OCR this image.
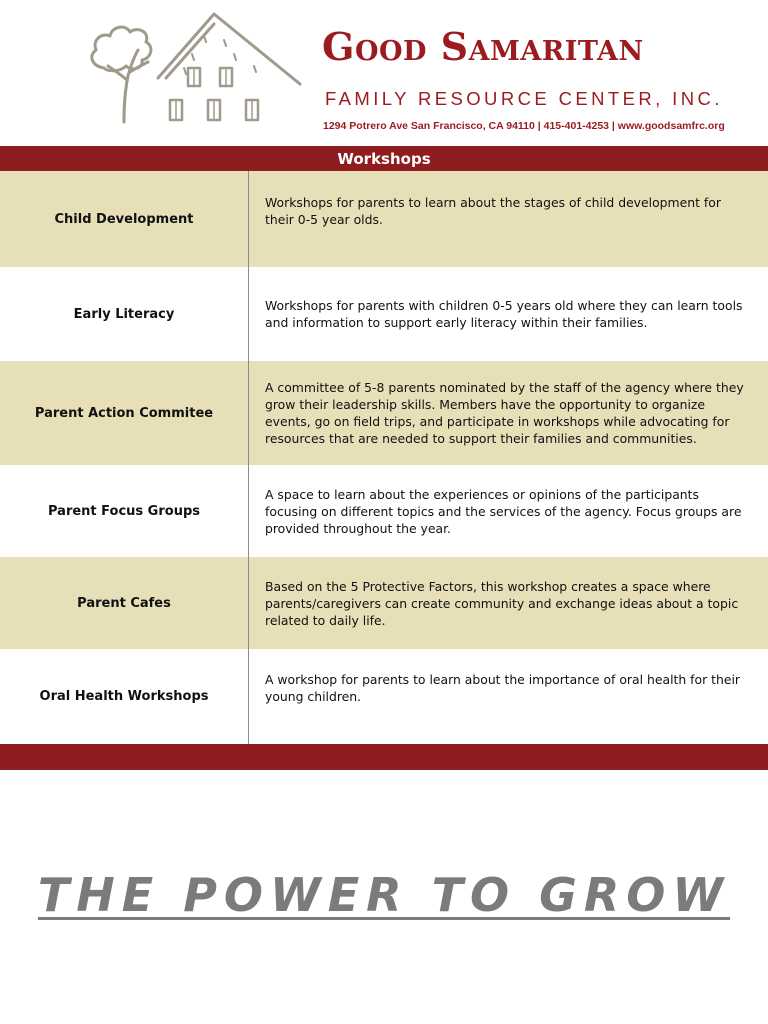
Good Samaritan
FAMILY RESOURCE CENTER, INC.
1294 Potrero Ave San Francisco, CA 94110 | 415-401-4253 | www.goodsamfrc.org
Workshops
Child Development
Workshops for parents to learn about the stages of child development for their 0-5 year olds.
Early Literacy
Workshops for parents with children 0-5 years old where they can learn tools and information to support early literacy within their families.
Parent Action Commitee
A committee of 5-8 parents nominated by the staff of the agency where they grow their leadership skills. Members have the opportunity to organize events, go on field trips, and participate in workshops while advocating for resources that are needed to support their families and communities.
Parent Focus Groups
A space to learn about the experiences or opinions of the participants focusing on different topics and the services of the agency. Focus groups are provided throughout the year.
Parent Cafes
Based on the 5 Protective Factors, this workshop creates a space where parents/caregivers can create community and exchange ideas about a topic related to daily life.
Oral Health Workshops
A workshop for parents to learn about the importance of oral health for their young children.
THE POWER TO GROW
